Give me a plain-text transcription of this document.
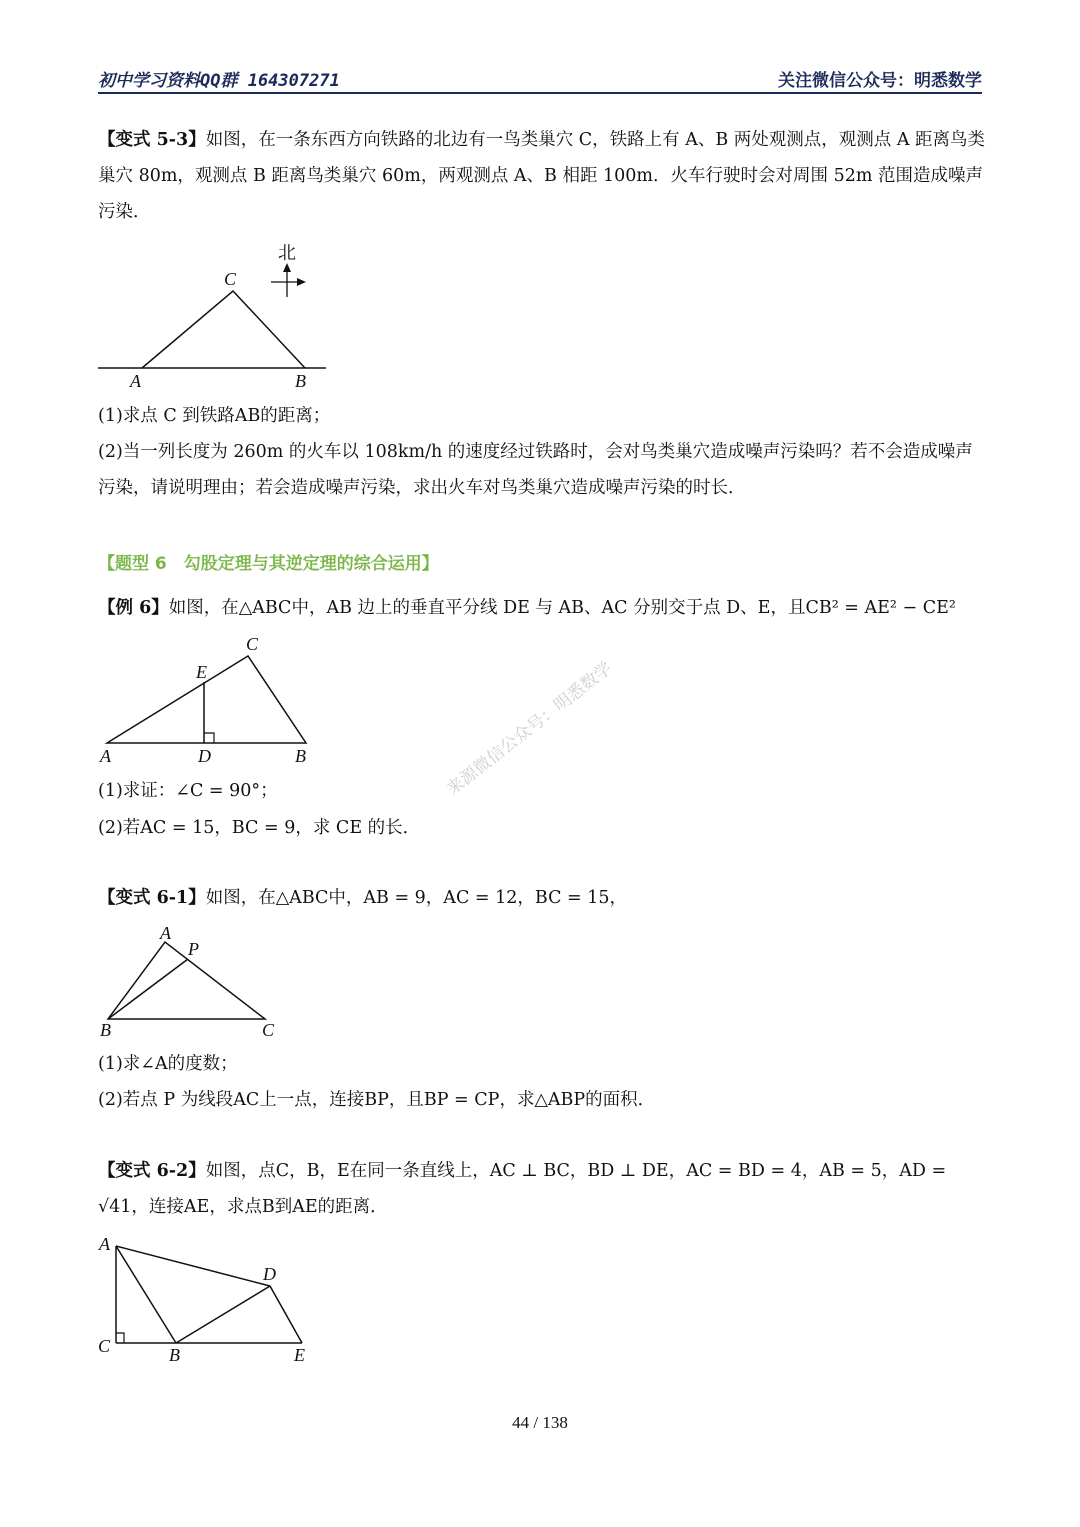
初中学习资料QQ群 164307271	关注微信公众号：明悉数学
【变式 5-3】如图，在一条东西方向铁路的北边有一鸟类巢穴 C，铁路上有 A、B 两处观测点，观测点 A 距离鸟类巢穴 80m，观测点 B 距离鸟类巢穴 60m，两观测点 A、B 相距 100m．火车行驶时会对周围 52m 范围造成噪声污染．
C
A	B
北
(1)求点 C 到铁路AB的距离；
(2)当一列长度为 260m 的火车以 108km/h 的速度经过铁路时，会对鸟类巢穴造成噪声污染吗？若不会造成噪声污染，请说明理由；若会造成噪声污染，求出火车对鸟类巢穴造成噪声污染的时长．
【题型 6　勾股定理与其逆定理的综合运用】
【例 6】如图，在△ABC中，AB 边上的垂直平分线 DE 与 AB、AC 分别交于点 D、E，且CB² = AE² − CE²
A	B
C
D
E
(1)求证：∠C = 90°；
(2)若AC = 15，BC = 9，求 CE 的长．
来源微信公众号：明悉数学
【变式 6-1】如图，在△ABC中，AB = 9，AC = 12，BC = 15，
A
P
B	C
(1)求∠A的度数；
(2)若点 P 为线段AC上一点，连接BP，且BP = CP，求△ABP的面积．
【变式 6-2】如图，点C，B，E在同一条直线上，AC ⊥ BC，BD ⊥ DE，AC = BD = 4，AB = 5，AD = √41，连接AE，求点B到AE的距离．
A
D
C	B	E
44 / 138
